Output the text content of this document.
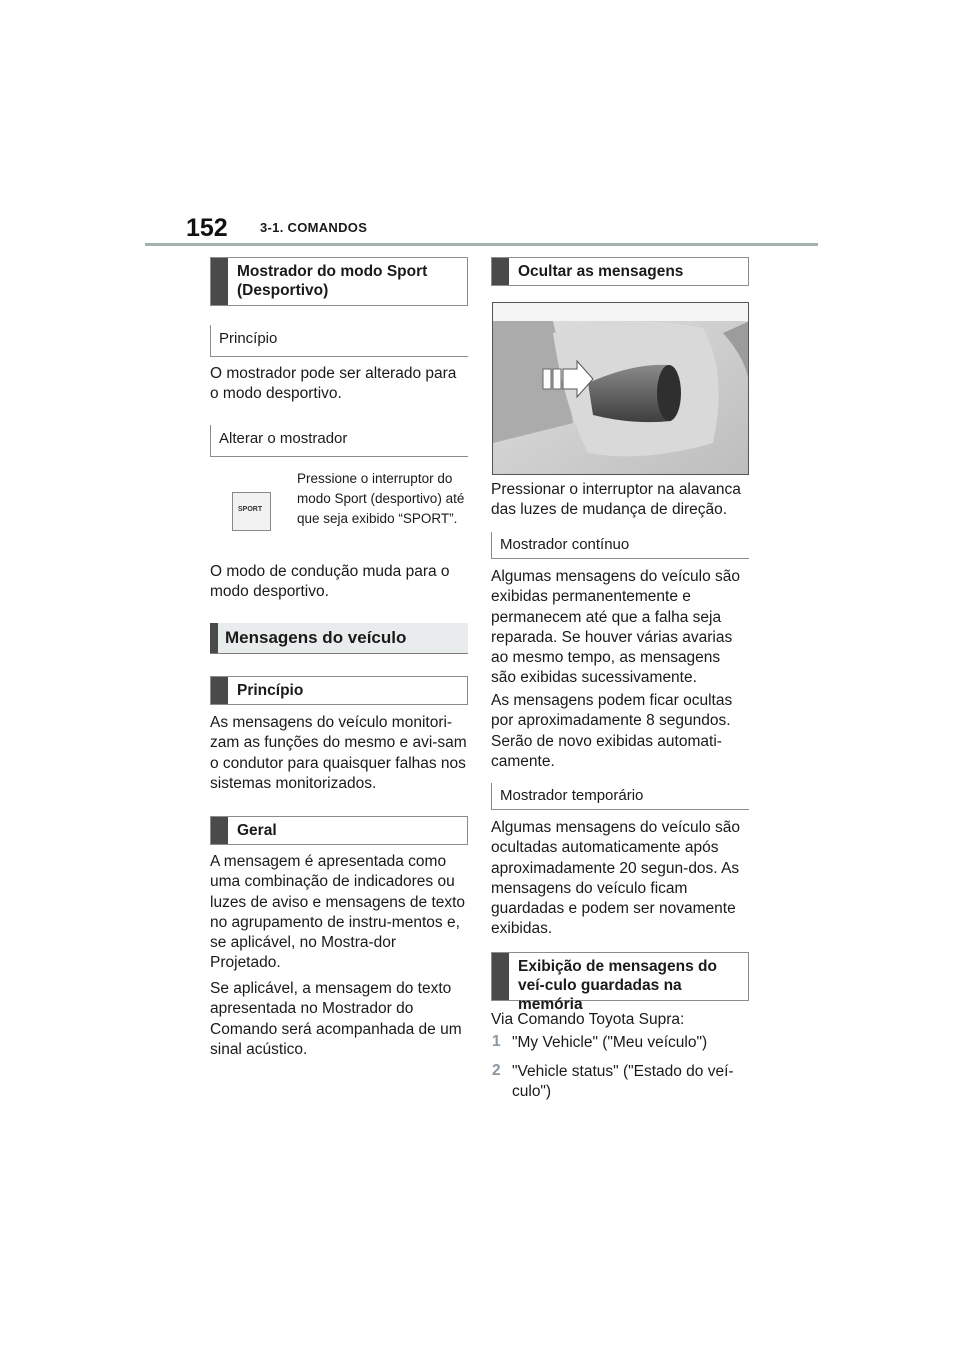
152 3-1. COMANDOS
Mostrador do modo Sport (Desportivo)
Princípio

O mostrador pode ser alterado para o modo desportivo.

Alterar o mostrador
SPORT

Pressione o interruptor do modo Sport (desportivo) até que seja exibido “SPORT”.

O modo de condução muda para o modo desportivo.

Mensagens do veículo
Princípio

As mensagens do veículo monitori-zam as funções do mesmo e avi-sam o condutor para quaisquer falhas nos sistemas monitorizados.

Geral

A mensagem é apresentada como uma combinação de indicadores ou luzes de aviso e mensagens de texto no agrupamento de instru-mentos e, se aplicável, no Mostra-dor Projetado.

Se aplicável, a mensagem do texto apresentada no Mostrador do Comando será acompanhada de um sinal acústico.

Ocultar as mensagens

Pressionar o interruptor na alavanca das luzes de mudança de direção.

Mostrador contínuo

Algumas mensagens do veículo são exibidas permanentemente e permanecem até que a falha seja reparada. Se houver várias avarias ao mesmo tempo, as mensagens são exibidas sucessivamente.

As mensagens podem ficar ocultas por aproximadamente 8 segundos. Serão de novo exibidas automati-camente.

Mostrador temporário

Algumas mensagens do veículo são ocultadas automaticamente após aproximadamente 20 segun-dos. As mensagens do veículo ficam guardadas e podem ser novamente exibidas.

Exibição de mensagens do veí-culo guardadas na memória

Via Comando Toyota Supra:

1 "My Vehicle" ("Meu veículo")

2 "Vehicle status" ("Estado do veí-culo")
